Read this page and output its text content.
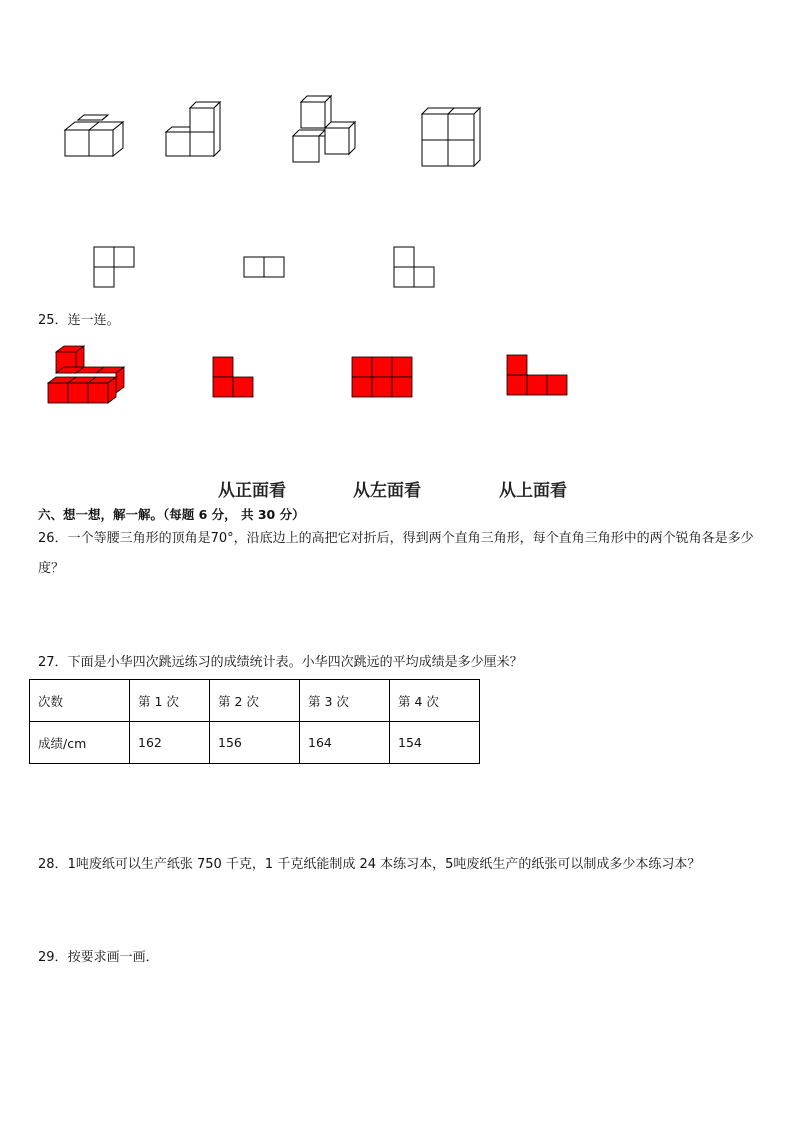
25．连一连。
从正面看	从左面看	从上面看
六、想一想，解一解。（每题 6 分， 共 30 分）
26．一个等腰三角形的顶角是70°，沿底边上的高把它对折后，得到两个直角三角形，每个直角三角形中的两个锐角各是多少度？
27．下面是小华四次跳远练习的成绩统计表。小华四次跳远的平均成绩是多少厘米？
次数	第 1 次	第 2 次	第 3 次	第 4 次
成绩/cm	162	156	164	154
28．1吨废纸可以生产纸张 750 千克，1 千克纸能制成 24 本练习本，5吨废纸生产的纸张可以制成多少本练习本？
29．按要求画一画．
